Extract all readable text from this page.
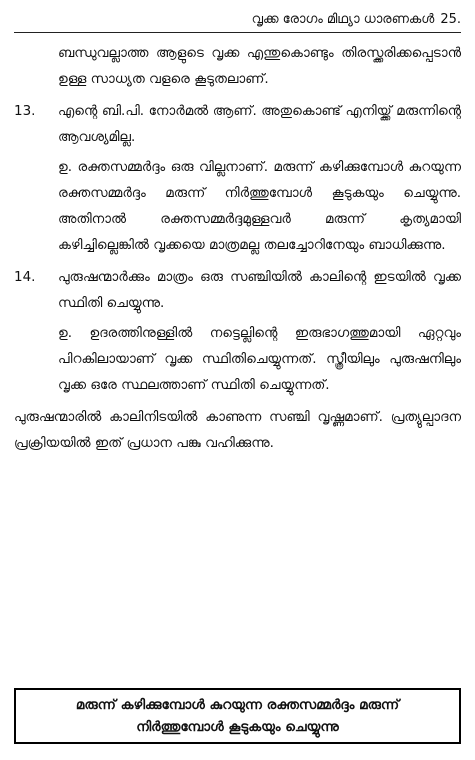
വൃക്ക രോഗം മിഥ്യാ ധാരണകൾ 25.

ബന്ധുവല്ലാത്ത ആളുടെ വൃക്ക എന്തുകൊണ്ടും തിരസ്ക്കരിക്കപ്പെടാൻ ഉള്ള സാധ്യത വളരെ കൂടുതലാണ്.

13.	എന്റെ ബി.പി. നോർമൽ ആണ്. അതുകൊണ്ട് എനിയ്ക്ക് മരുന്നിന്റെ ആവശ്യമില്ല.

ഉ. രക്തസമ്മർദ്ദം ഒരു വില്ലനാണ്. മരുന്ന് കഴിക്കുമ്പോൾ കുറയുന്ന രക്തസമ്മർദ്ദം മരുന്ന് നിർത്തുമ്പോൾ കൂടുകയും ചെയ്യുന്നു. അതിനാൽ രക്തസമ്മർദ്ദമുള്ളവർ മരുന്ന് കൃത്യമായി കഴിച്ചില്ലെങ്കിൽ വൃക്കയെ മാത്രമല്ല തലച്ചോറിനേയും ബാധിക്കുന്നു.

14.	പുരുഷന്മാർക്കും മാത്രം ഒരു സഞ്ചിയിൽ കാലിന്റെ ഇടയിൽ വൃക്ക സ്ഥിതി ചെയ്യുന്നു.

ഉ. ഉദരത്തിനുള്ളിൽ നട്ടെല്ലിന്റെ ഇരുഭാഗത്തുമായി ഏറ്റവും പിറകിലായാണ് വൃക്ക സ്ഥിതിചെയ്യുന്നത്. സ്ത്രീയിലും പുരുഷനിലും വൃക്ക ഒരേ സ്ഥലത്താണ് സ്ഥിതി ചെയ്യുന്നത്.

പുരുഷന്മാരിൽ കാലിനിടയിൽ കാണുന്ന സഞ്ചി വൃഷ്ണമാണ്. പ്രത്യുല്പാദന പ്രക്രിയയിൽ ഇത് പ്രധാന പങ്കു വഹിക്കുന്നു.

മരുന്ന് കഴിക്കുമ്പോൾ കുറയുന്ന രക്തസമ്മർദ്ദം മരുന്ന്
നിർത്തുമ്പോൾ കൂടുകയും ചെയ്യുന്നു
